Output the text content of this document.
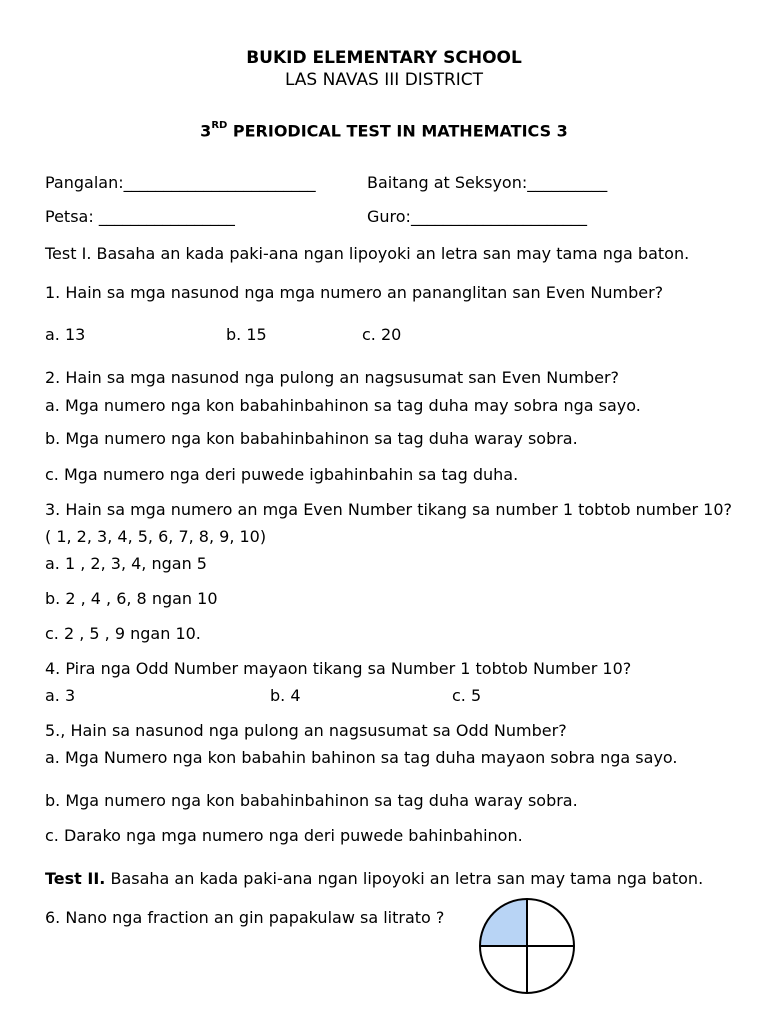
BUKID ELEMENTARY SCHOOL
LAS NAVAS III DISTRICT
3RD PERIODICAL TEST IN MATHEMATICS 3
Pangalan:________________________	Baitang at Seksyon:__________
Petsa: _________________	Guro:______________________
Test I. Basaha an kada paki-ana ngan lipoyoki an letra san may tama nga baton.
1. Hain sa mga nasunod nga mga numero an pananglitan san Even Number?
a. 13	b. 15	c. 20
2. Hain sa mga nasunod nga pulong an nagsusumat san Even Number?
a. Mga numero nga kon babahinbahinon sa tag duha may sobra nga sayo.
b. Mga numero nga kon babahinbahinon sa tag duha waray sobra.
c. Mga numero nga deri puwede igbahinbahin sa tag duha.
3. Hain sa mga numero an mga Even Number tikang sa number 1 tobtob number 10?
( 1, 2, 3, 4, 5, 6, 7, 8, 9, 10)
a. 1 , 2, 3, 4, ngan 5
b. 2 , 4 , 6, 8 ngan 10
c. 2 , 5 , 9 ngan 10.
4. Pira nga Odd Number mayaon tikang sa Number 1 tobtob Number 10?
a. 3	b. 4	c. 5
5., Hain sa nasunod nga pulong an nagsusumat sa Odd Number?
a. Mga Numero nga kon babahin bahinon sa tag duha mayaon sobra nga sayo.
b. Mga numero nga kon babahinbahinon sa tag duha waray sobra.
c. Darako nga mga numero nga deri puwede bahinbahinon.
Test II. Basaha an kada paki-ana ngan lipoyoki an letra san may tama nga baton.
6. Nano nga fraction an gin papakulaw sa litrato ?
